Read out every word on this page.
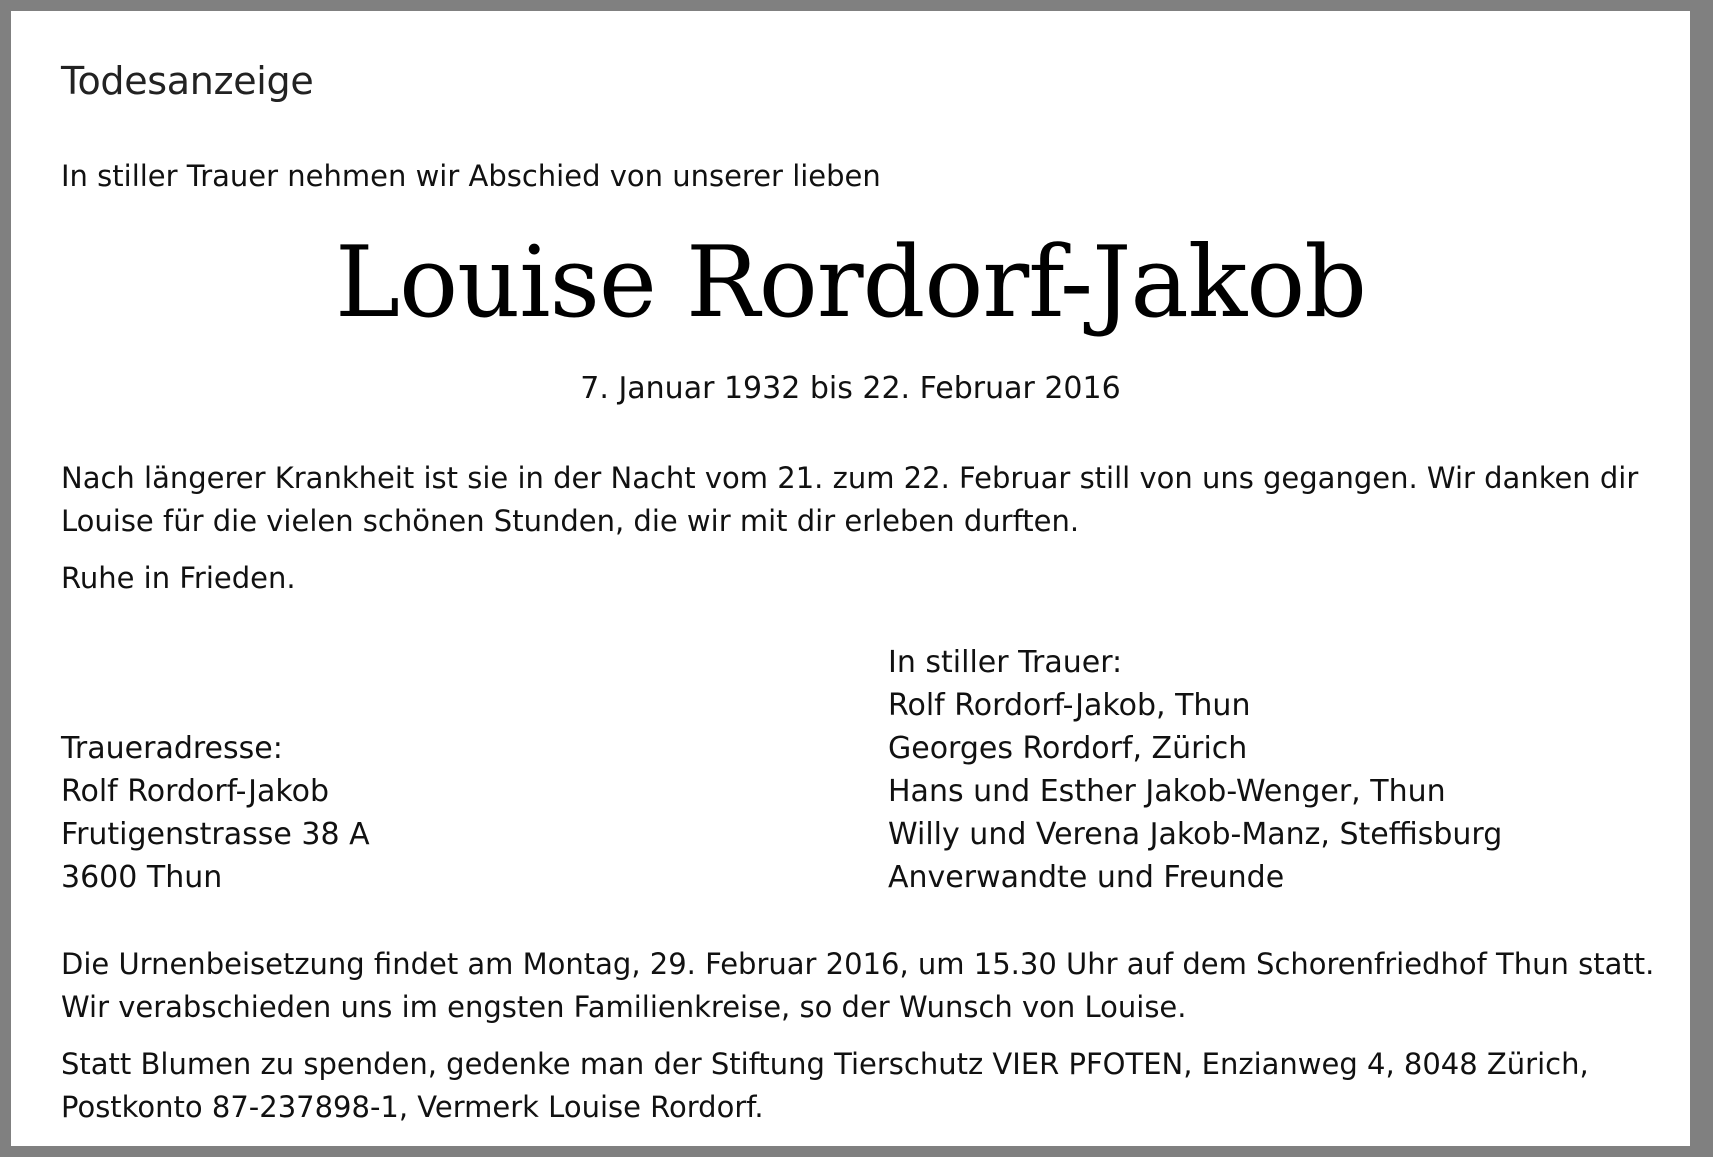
Todesanzeige
In stiller Trauer nehmen wir Abschied von unserer lieben
Louise Rordorf-Jakob
7. Januar 1932 bis 22. Februar 2016
Nach längerer Krankheit ist sie in der Nacht vom 21. zum 22. Februar still von uns gegangen. Wir danken dir Louise für die vielen schönen Stunden, die wir mit dir erleben durften.
Ruhe in Frieden.
Traueradresse:
Rolf Rordorf-Jakob
Frutigenstrasse 38 A
3600 Thun
In stiller Trauer:
Rolf Rordorf-Jakob, Thun
Georges Rordorf, Zürich
Hans und Esther Jakob-Wenger, Thun
Willy und Verena Jakob-Manz, Steffisburg
Anverwandte und Freunde
Die Urnenbeisetzung findet am Montag, 29. Februar 2016, um 15.30 Uhr auf dem Schorenfriedhof Thun statt. Wir verabschieden uns im engsten Familienkreise, so der Wunsch von Louise.
Statt Blumen zu spenden, gedenke man der Stiftung Tierschutz VIER PFOTEN, Enzianweg 4, 8048 Zürich, Postkonto 87-237898-1, Vermerk Louise Rordorf.
